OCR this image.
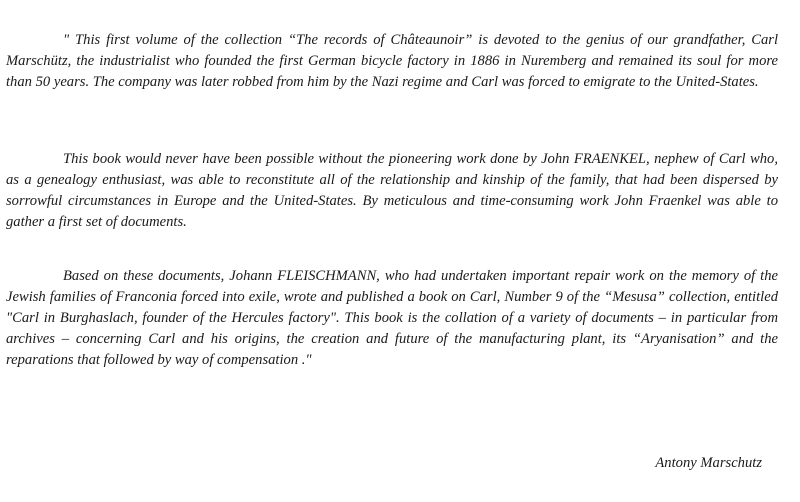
" This first volume of the collection “The records of Châteaunoir” is devoted to the genius of our grandfather, Carl Marschütz, the industrialist who founded the first German bicycle factory in 1886 in Nuremberg and remained its soul for more than 50 years. The company was later robbed from him by the Nazi regime and Carl was forced to emigrate to the United-States.

This book would never have been possible without the pioneering work done by John FRAENKEL, nephew of Carl who, as a genealogy enthusiast, was able to reconstitute all of the relationship and kinship of the family, that had been dispersed by sorrowful circumstances in Europe and the United-States. By meticulous and time-consuming work John Fraenkel was able to gather a first set of documents.

Based on these documents, Johann FLEISCHMANN, who had undertaken important repair work on the memory of the Jewish families of Franconia forced into exile, wrote and published a book on Carl, Number 9 of the “Mesusa” collection, entitled "Carl in Burghaslach, founder of the Hercules factory". This book is the collation of a variety of documents – in particular from archives – concerning Carl and his origins, the creation and future of the manufacturing plant, its “Aryanisation” and the reparations that followed by way of compensation ."

Antony Marschutz
